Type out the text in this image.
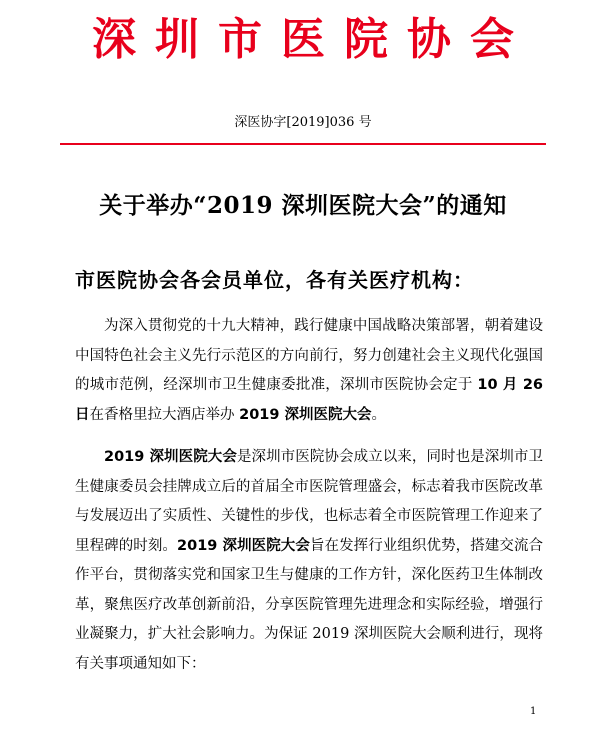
深圳市医院协会
深医协字[2019]036 号
关于举办“2019 深圳医院大会”的通知
市医院协会各会员单位，各有关医疗机构：

为深入贯彻党的十九大精神，践行健康中国战略决策部署，朝着建设中国特色社会主义先行示范区的方向前行，努力创建社会主义现代化强国的城市范例，经深圳市卫生健康委批准，深圳市医院协会定于 10 月 26 日在香格里拉大酒店举办 2019 深圳医院大会。

2019 深圳医院大会是深圳市医院协会成立以来，同时也是深圳市卫生健康委员会挂牌成立后的首届全市医院管理盛会，标志着我市医院改革与发展迈出了实质性、关键性的步伐，也标志着全市医院管理工作迎来了里程碑的时刻。2019 深圳医院大会旨在发挥行业组织优势，搭建交流合作平台，贯彻落实党和国家卫生与健康的工作方针，深化医药卫生体制改革，聚焦医疗改革创新前沿，分享医院管理先进理念和实际经验，增强行业凝聚力，扩大社会影响力。为保证 2019 深圳医院大会顺利进行，现将有关事项通知如下：

1
